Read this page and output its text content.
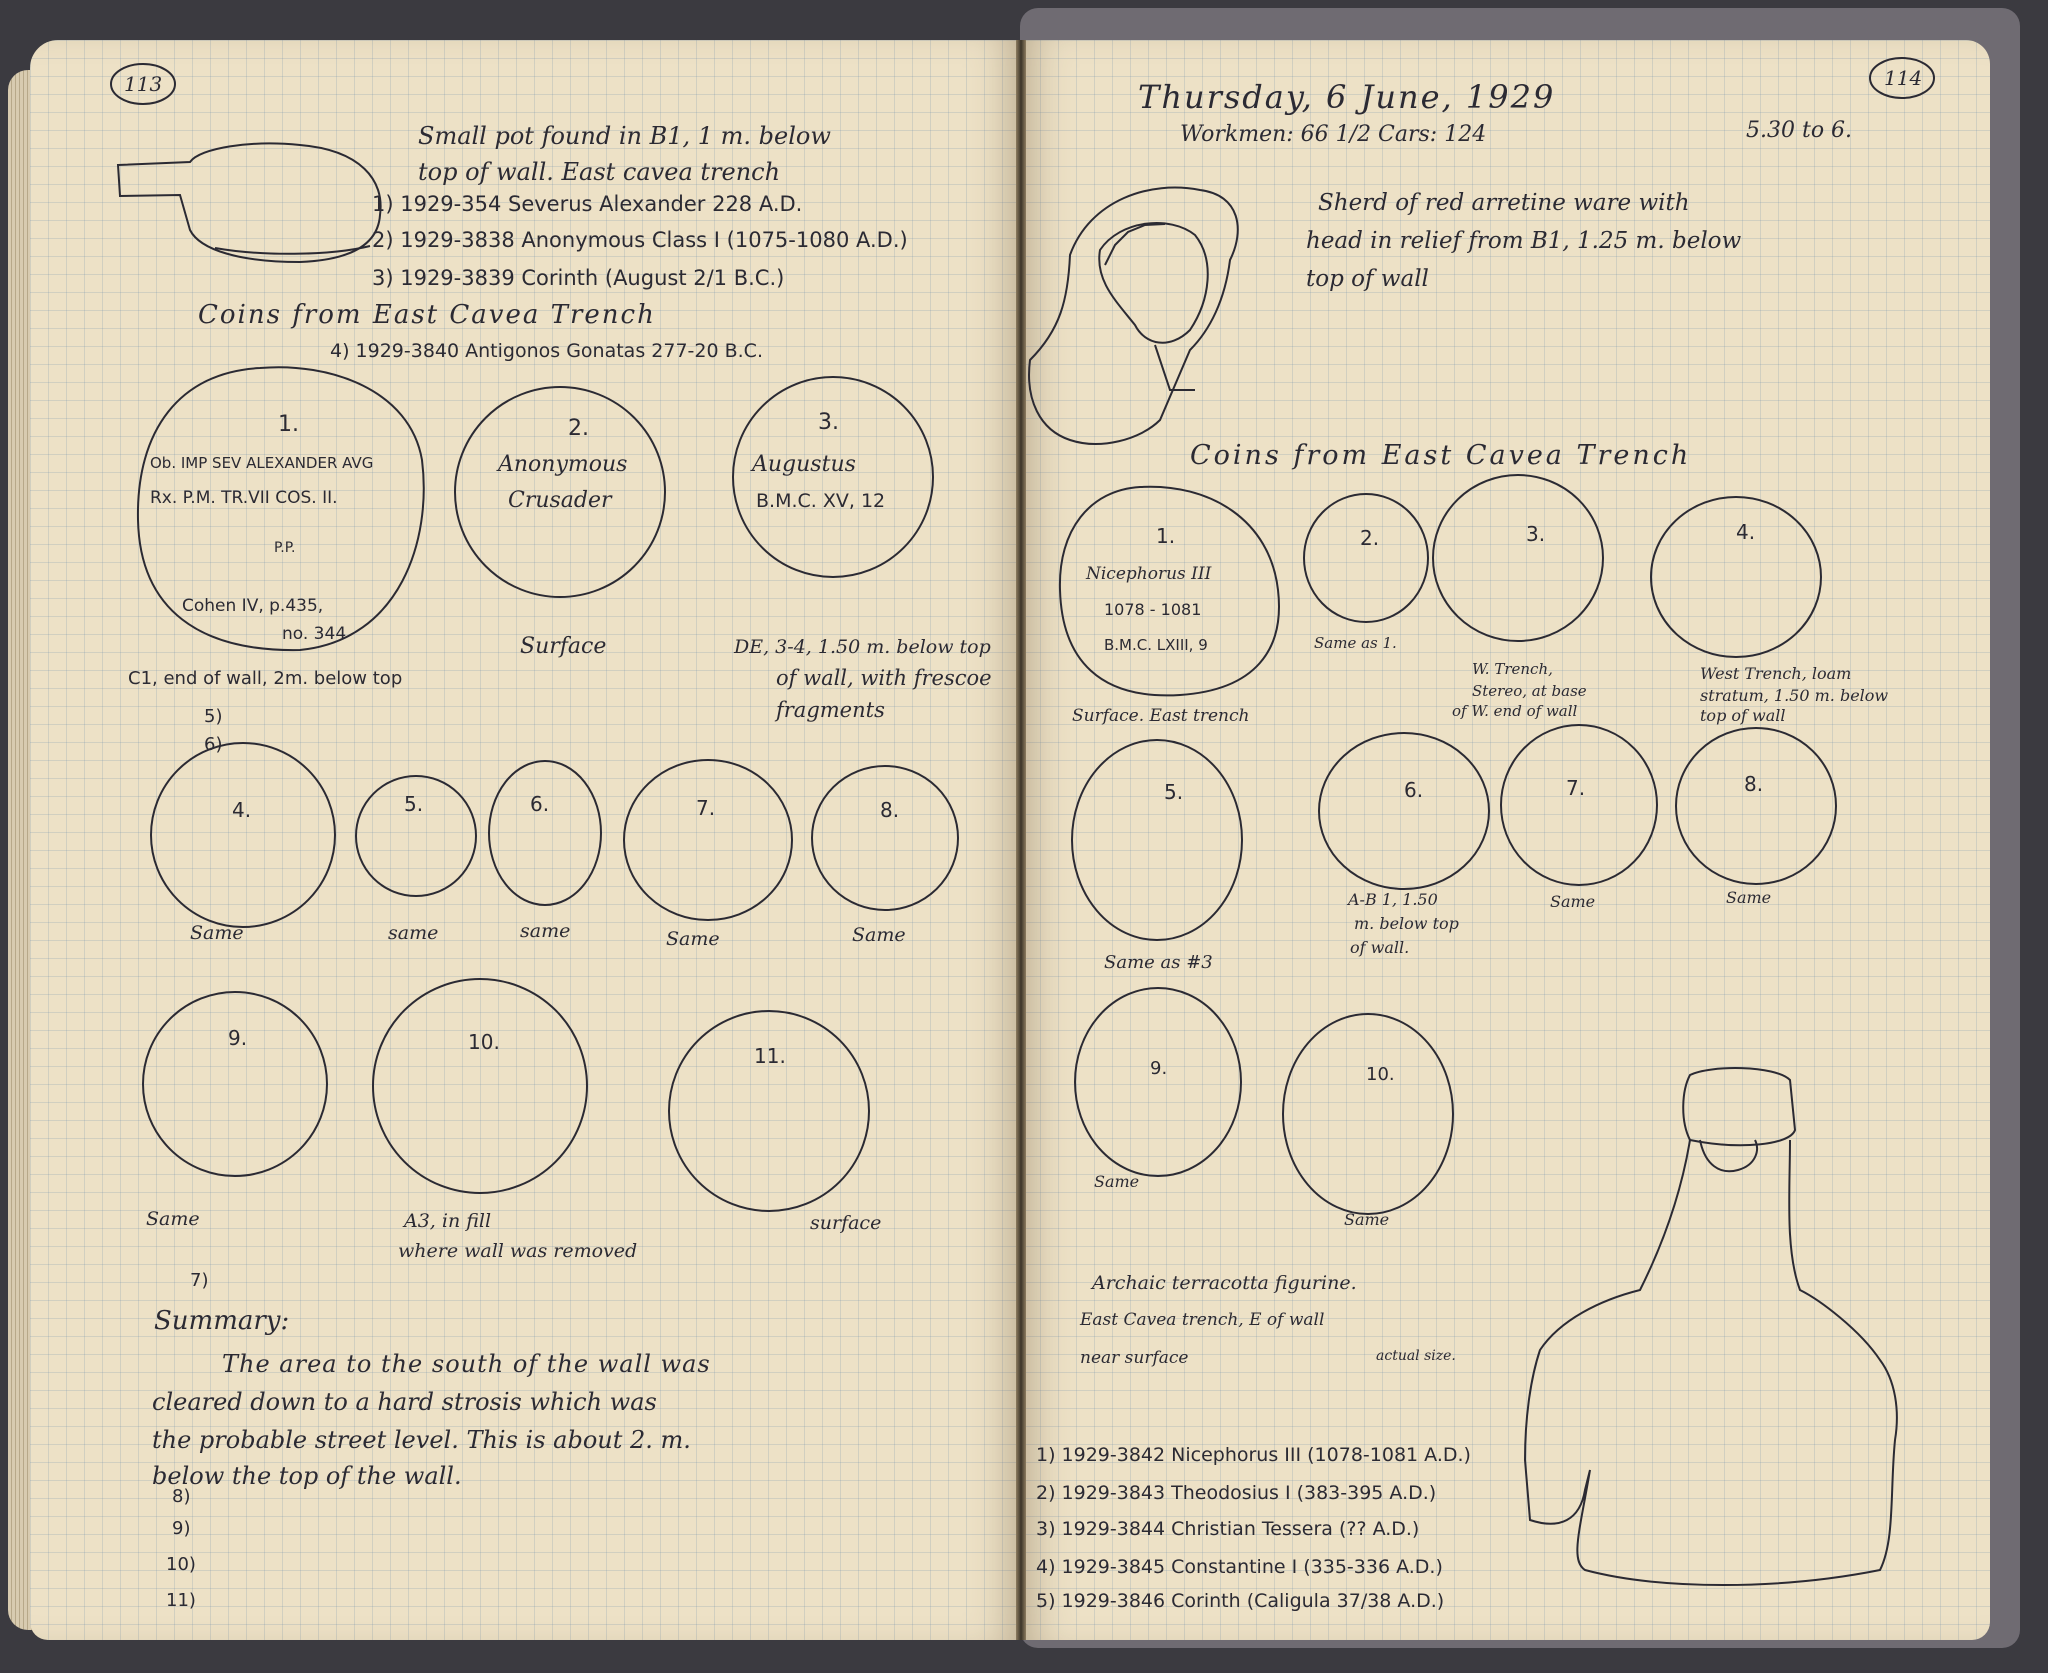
113
Small pot found in B1, 1 m. below
top of wall. East cavea trench
1) 1929-354 Severus Alexander 228 A.D.
2) 1929-3838 Anonymous Class I (1075-1080 A.D.)
3) 1929-3839 Corinth (August 2/1 B.C.)
Coins from East Cavea Trench
4) 1929-3840 Antigonos Gonatas 277-20 B.C.
1.
Ob. IMP SEV ALEXANDER AVG
Rx. P.M. TR.VII COS. II.
P.P.
Cohen IV, p.435,
no. 344
C1, end of wall, 2m. below top
2.
Anonymous
Crusader
Surface
3.
Augustus
B.M.C. XV, 12
DE, 3-4, 1.50 m. below top
of wall, with frescoe
fragments
5)
6)
4.
Same
5.
same
6.
same
7.
Same
8.
Same
9.
Same
10.
A3, in fill
where wall was removed
11.
surface
7)
Summary:
The area to the south of the wall was
cleared down to a hard strosis which was
the probable street level. This is about 2. m.
below the top of the wall.
8)
9)
10)
11)
114
Thursday, 6 June, 1929
Workmen: 66 1/2 Cars: 124	5.30 to 6.
Sherd of red arretine ware with
head in relief from B1, 1.25 m. below
top of wall
Coins from East Cavea Trench
1.
Nicephorus III
1078 - 1081
B.M.C. LXIII, 9
Surface. East trench
2.
Same as 1.
3.
W. Trench,
Stereo, at base
of W. end of wall
4.
West Trench, loam
stratum, 1.50 m. below
top of wall
5.
Same as #3
6.
A-B 1, 1.50
m. below top
of wall.
7.
Same
8.
Same
9.
Same
10.
Same
Archaic terracotta figurine.
East Cavea trench, E of wall
near surface	actual size.
1) 1929-3842 Nicephorus III (1078-1081 A.D.)
2) 1929-3843 Theodosius I (383-395 A.D.)
3) 1929-3844 Christian Tessera (?? A.D.)
4) 1929-3845 Constantine I (335-336 A.D.)
5) 1929-3846 Corinth (Caligula 37/38 A.D.)
